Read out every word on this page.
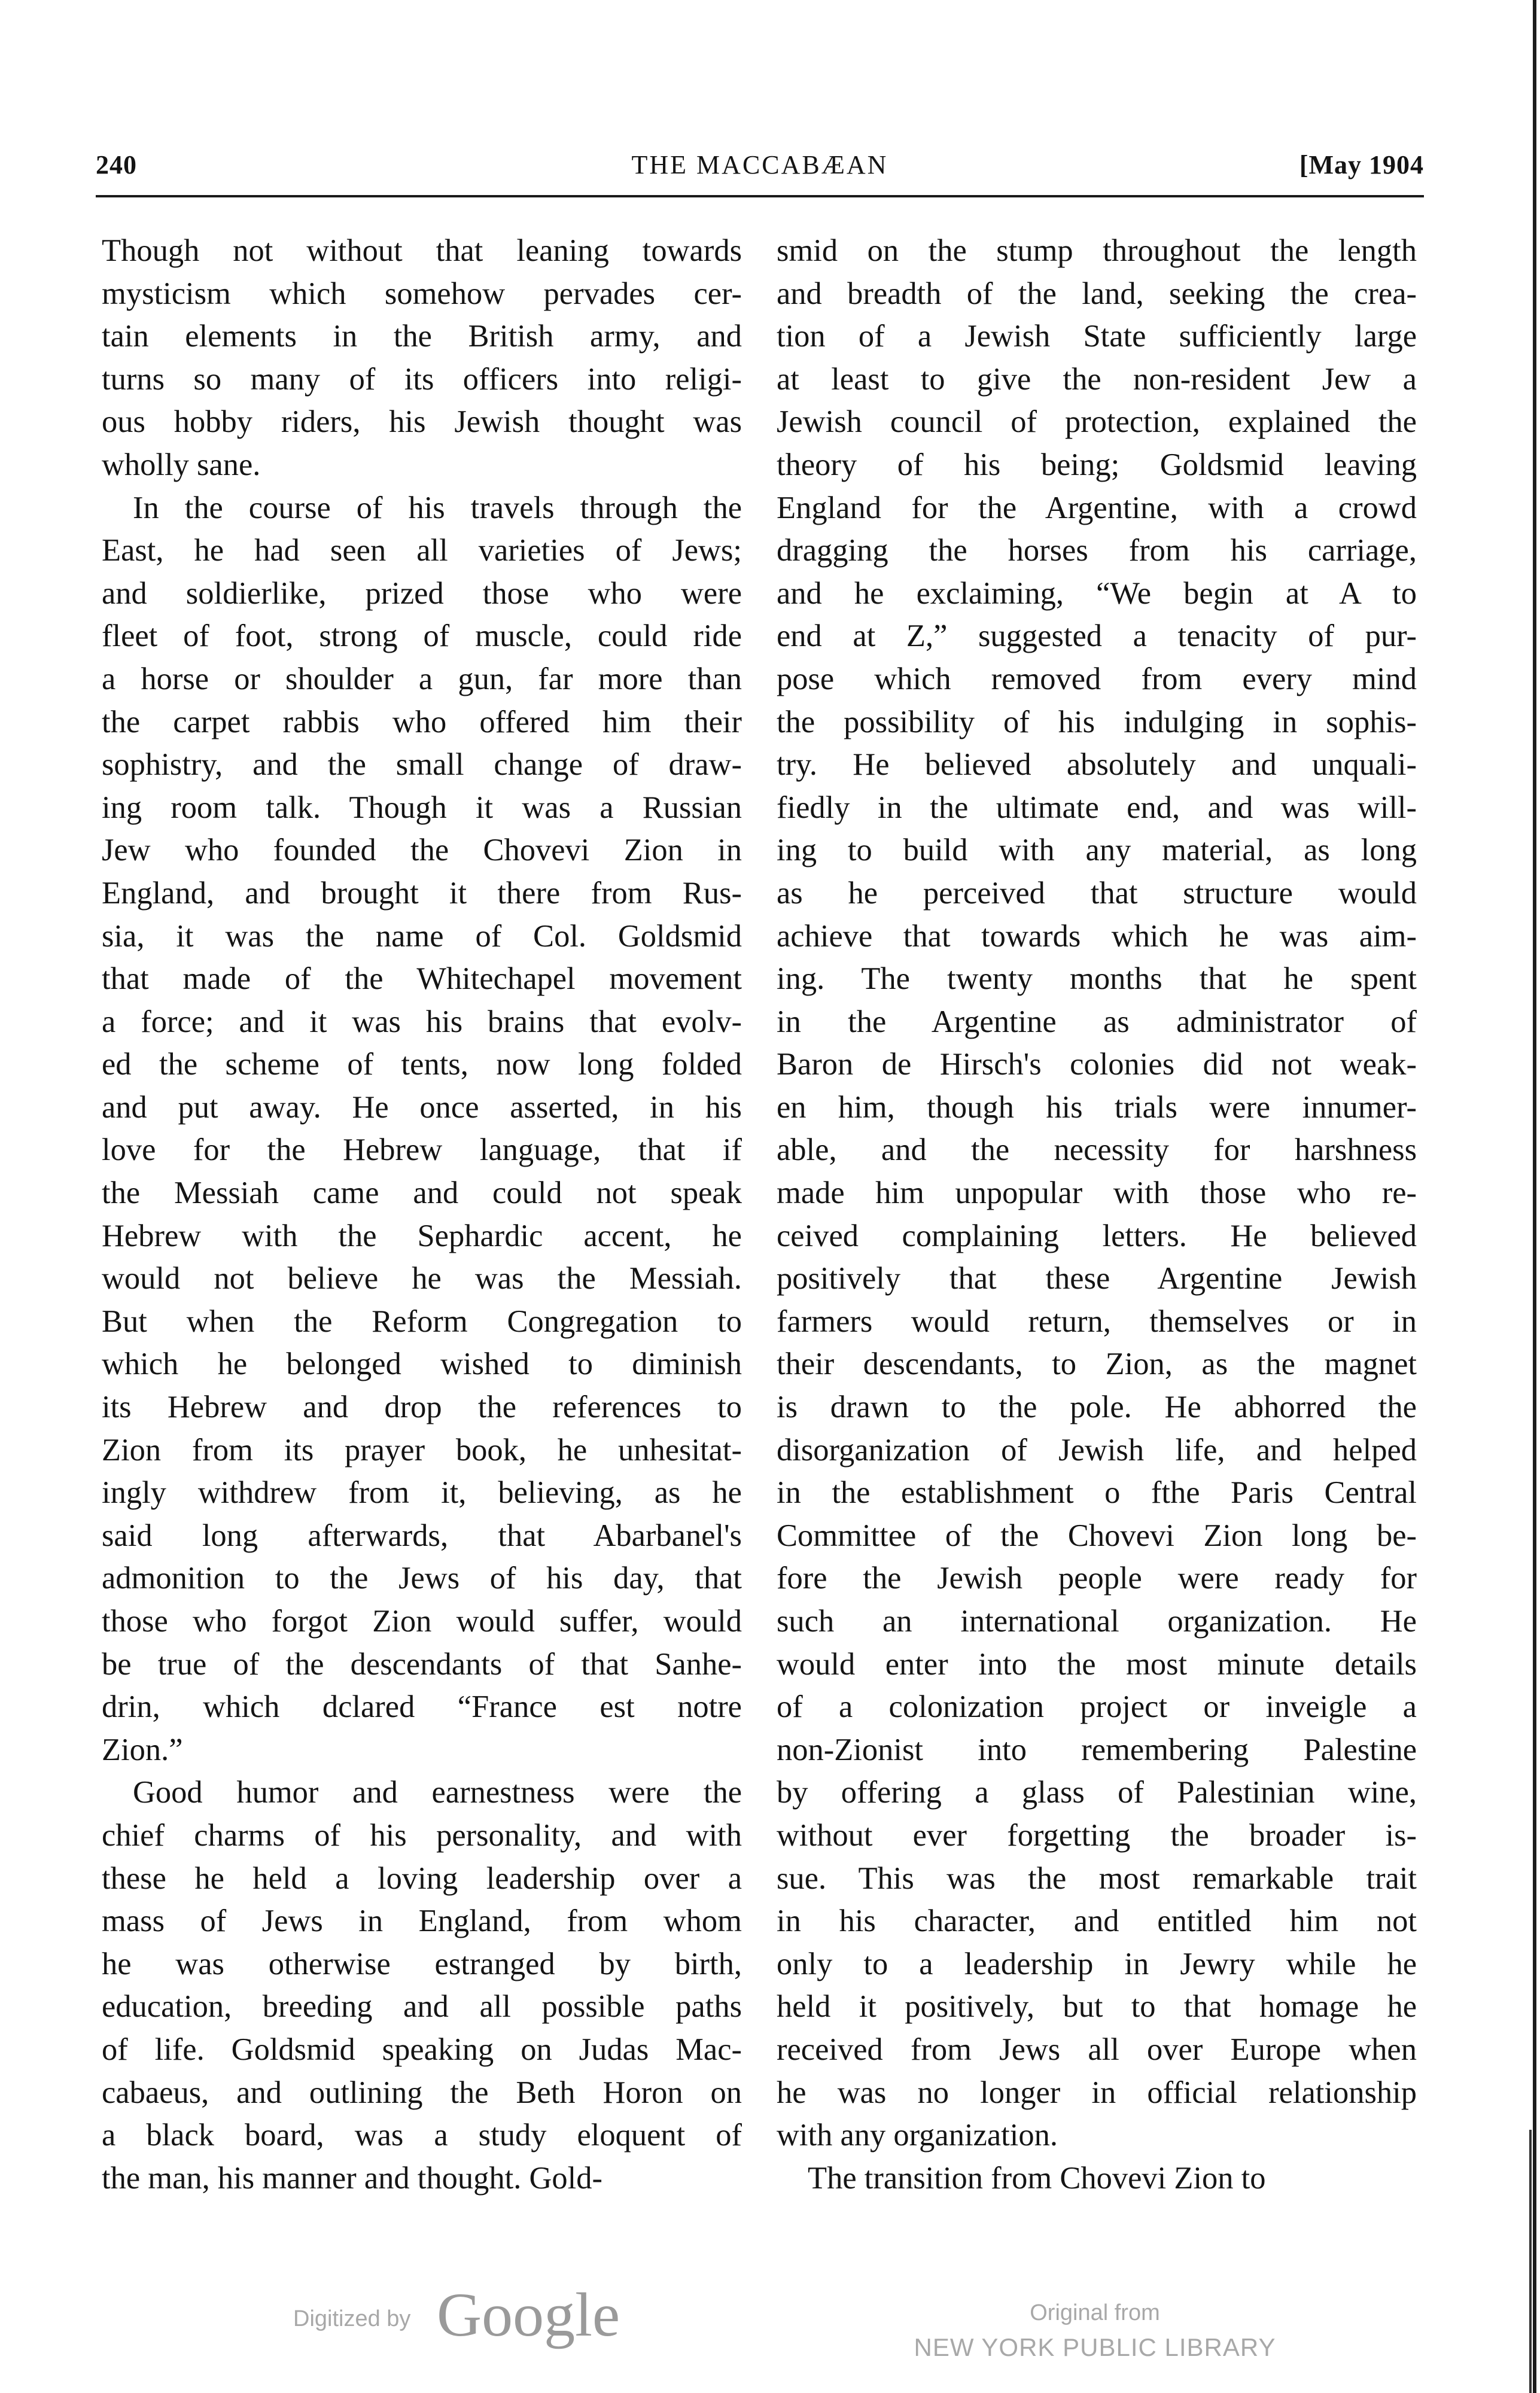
240	THE MACCABÆAN	[May 1904
Though not without that leaning towards
mysticism which somehow pervades cer-
tain elements in the British army, and
turns so many of its officers into religi-
ous hobby riders, his Jewish thought was
wholly sane.
In the course of his travels through the
East, he had seen all varieties of Jews;
and soldierlike, prized those who were
fleet of foot, strong of muscle, could ride
a horse or shoulder a gun, far more than
the carpet rabbis who offered him their
sophistry, and the small change of draw-
ing room talk. Though it was a Russian
Jew who founded the Chovevi Zion in
England, and brought it there from Rus-
sia, it was the name of Col. Goldsmid
that made of the Whitechapel movement
a force; and it was his brains that evolv-
ed the scheme of tents, now long folded
and put away. He once asserted, in his
love for the Hebrew language, that if
the Messiah came and could not speak
Hebrew with the Sephardic accent, he
would not believe he was the Messiah.
But when the Reform Congregation to
which he belonged wished to diminish
its Hebrew and drop the references to
Zion from its prayer book, he unhesitat-
ingly withdrew from it, believing, as he
said long afterwards, that Abarbanel's
admonition to the Jews of his day, that
those who forgot Zion would suffer, would
be true of the descendants of that Sanhe-
drin, which dclared “France est notre
Zion.”
Good humor and earnestness were the
chief charms of his personality, and with
these he held a loving leadership over a
mass of Jews in England, from whom
he was otherwise estranged by birth,
education, breeding and all possible paths
of life. Goldsmid speaking on Judas Mac-
cabaeus, and outlining the Beth Horon on
a black board, was a study eloquent of
the man, his manner and thought. Gold-
smid on the stump throughout the length
and breadth of the land, seeking the crea-
tion of a Jewish State sufficiently large
at least to give the non-resident Jew a
Jewish council of protection, explained the
theory of his being; Goldsmid leaving
England for the Argentine, with a crowd
dragging the horses from his carriage,
and he exclaiming, “We begin at A to
end at Z,” suggested a tenacity of pur-
pose which removed from every mind
the possibility of his indulging in sophis-
try. He believed absolutely and unquali-
fiedly in the ultimate end, and was will-
ing to build with any material, as long
as he perceived that structure would
achieve that towards which he was aim-
ing. The twenty months that he spent
in the Argentine as administrator of
Baron de Hirsch's colonies did not weak-
en him, though his trials were innumer-
able, and the necessity for harshness
made him unpopular with those who re-
ceived complaining letters. He believed
positively that these Argentine Jewish
farmers would return, themselves or in
their descendants, to Zion, as the magnet
is drawn to the pole. He abhorred the
disorganization of Jewish life, and helped
in the establishment o fthe Paris Central
Committee of the Chovevi Zion long be-
fore the Jewish people were ready for
such an international organization. He
would enter into the most minute details
of a colonization project or inveigle a
non-Zionist into remembering Palestine
by offering a glass of Palestinian wine,
without ever forgetting the broader is-
sue. This was the most remarkable trait
in his character, and entitled him not
only to a leadership in Jewry while he
held it positively, but to that homage he
received from Jews all over Europe when
he was no longer in official relationship
with any organization.
The transition from Chovevi Zion to
Digitized by Google	Original from
NEW YORK PUBLIC LIBRARY
